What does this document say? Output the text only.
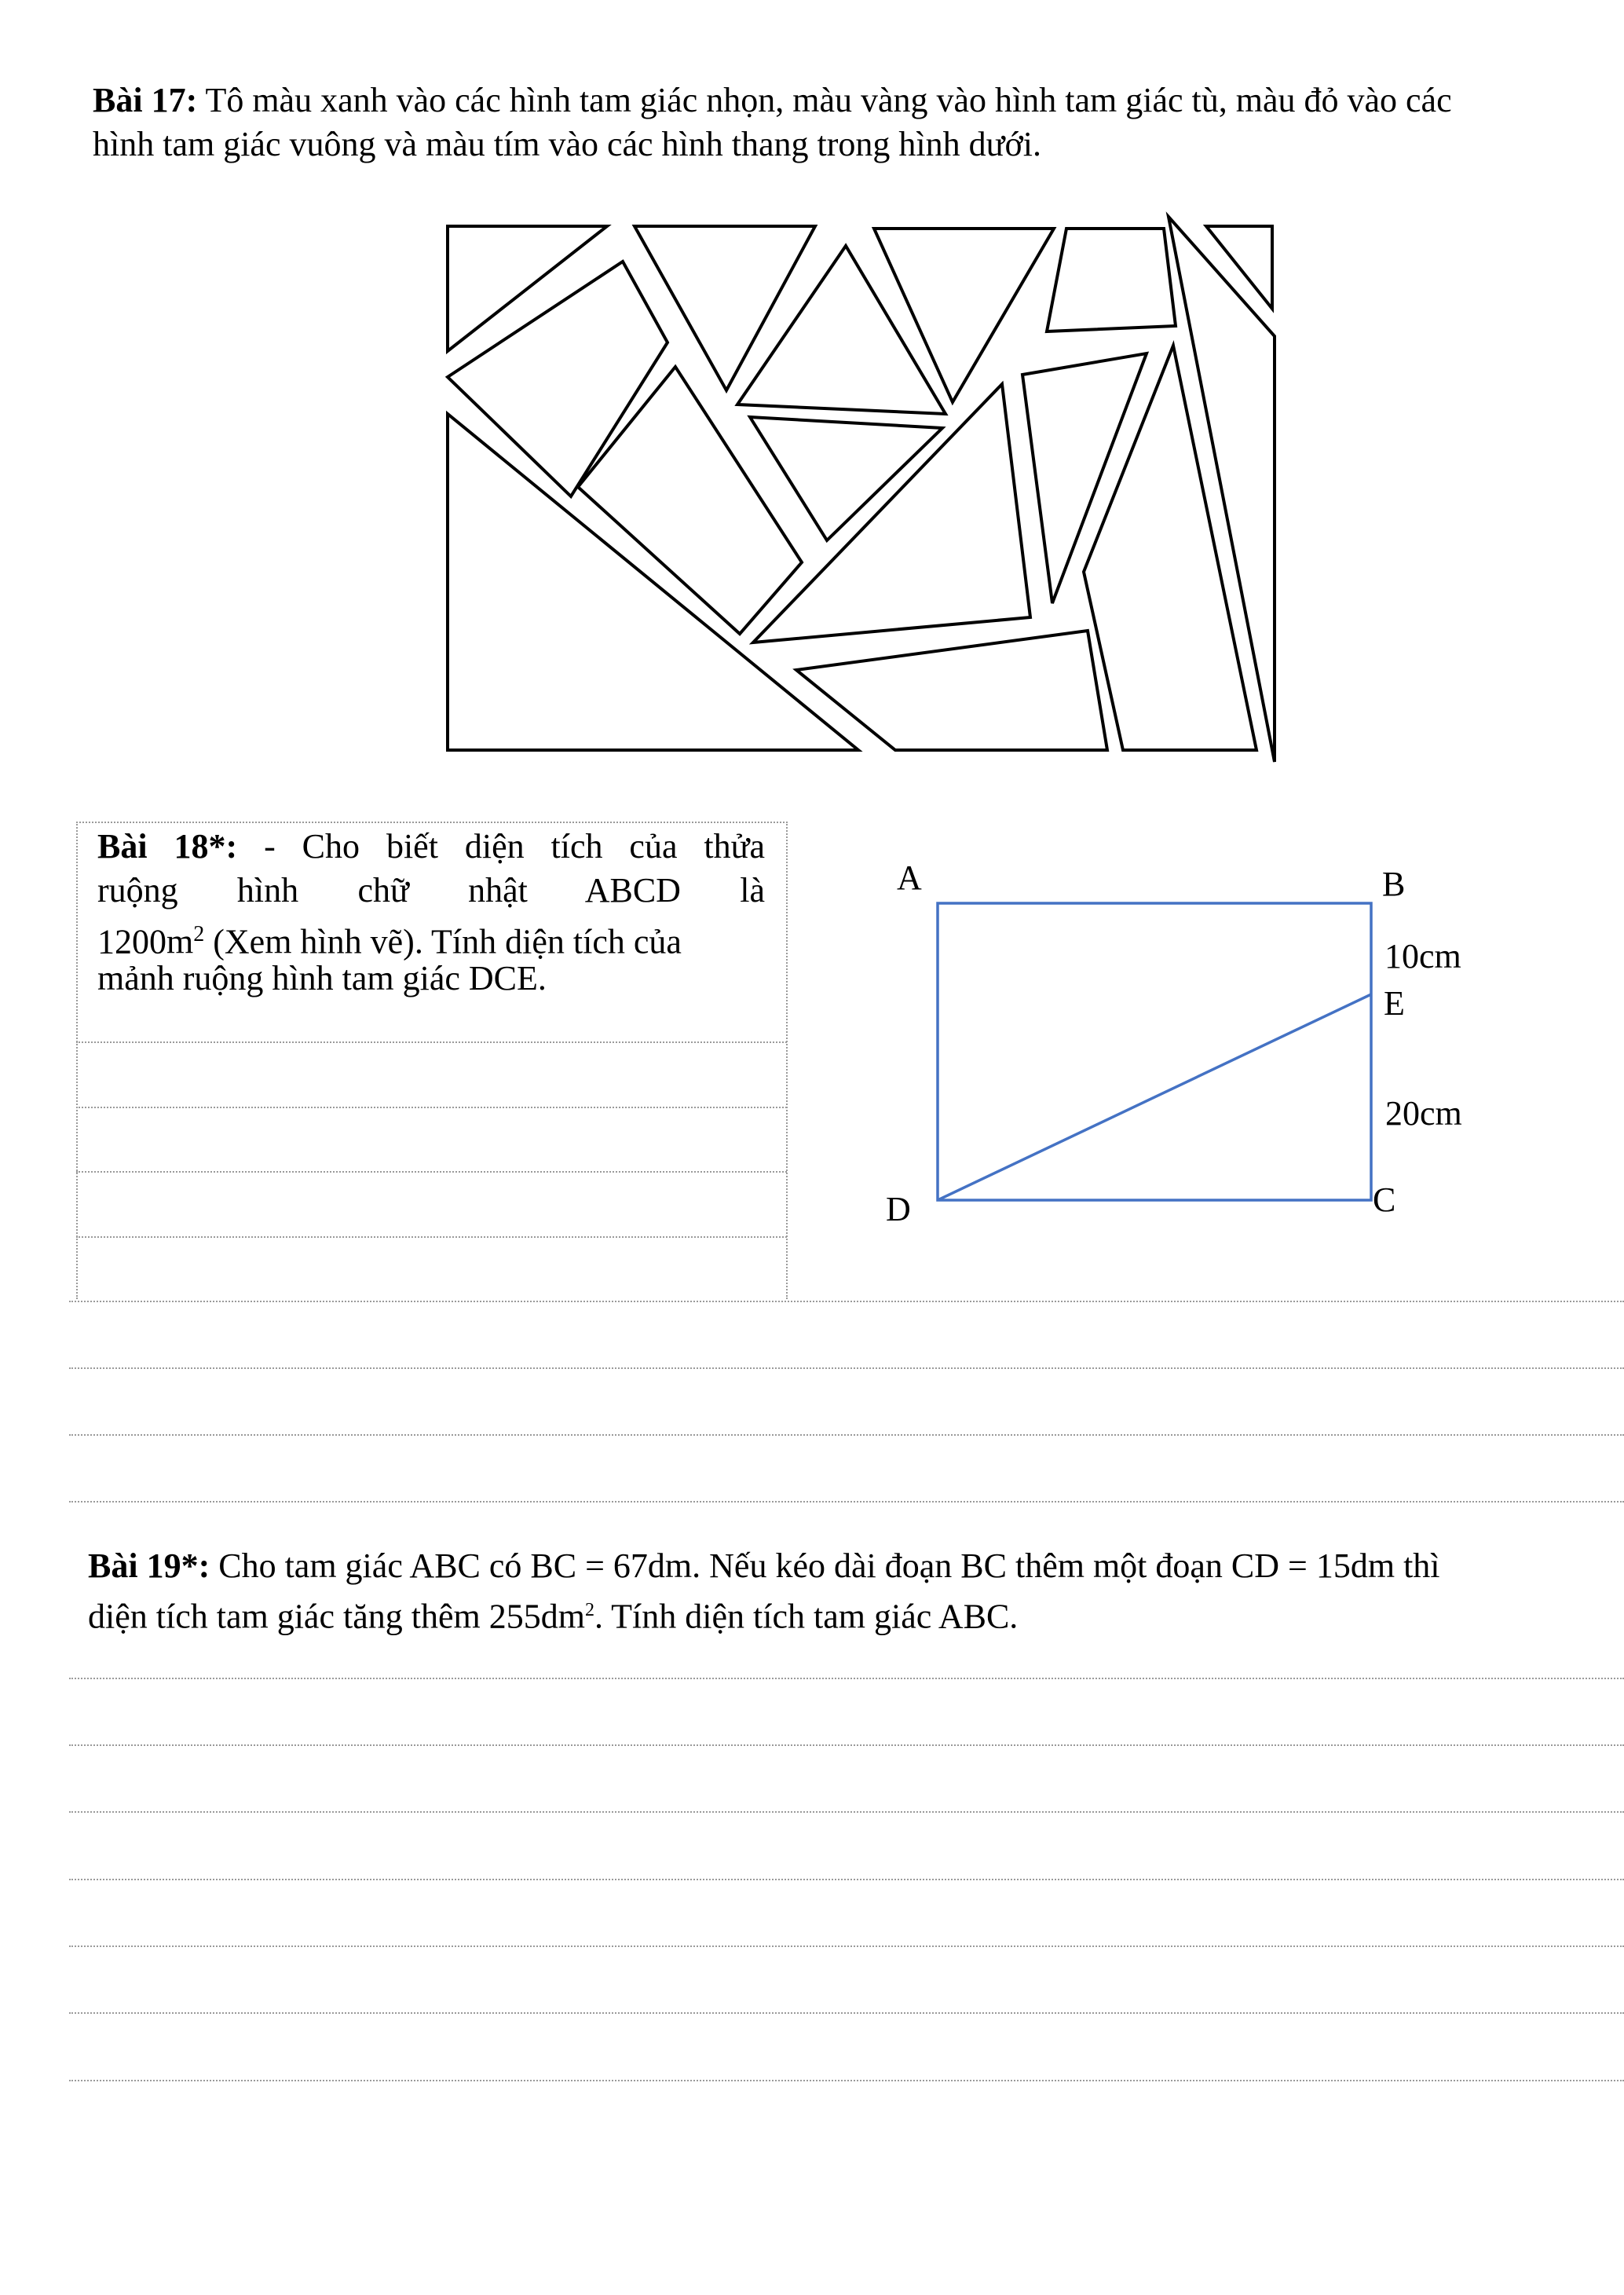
Bài 17: Tô màu xanh vào các hình tam giác nhọn, màu vàng vào hình tam giác tù, màu đỏ vào các hình tam giác vuông và màu tím vào các hình thang trong hình dưới.
Bài 18*: - Cho biết diện tích của thửa
ruộng hình chữ nhật ABCD là
$1200m^2$ (Xem hình vẽ). Tính diện tích của
mảnh ruộng hình tam giác DCE.
A	B
10cm
E
20cm
D	C
Bài 19*: Cho tam giác ABC có BC = 67dm. Nếu kéo dài đoạn BC thêm một đoạn CD = 15dm thì diện tích tam giác tăng thêm $255dm^2$. Tính diện tích tam giác ABC.
